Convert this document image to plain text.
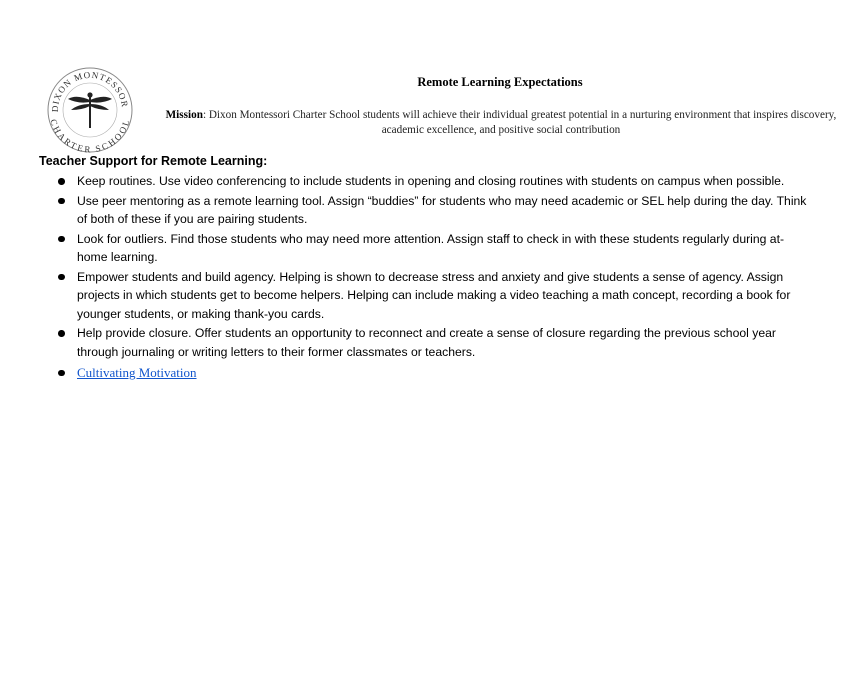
DIXON MONTESSOR
CHARTER SCHOOL
Remote Learning Expectations
Mission: Dixon Montessori Charter School students will achieve their individual greatest potential in a nurturing environment that inspires discovery, academic excellence, and positive social contribution
Teacher Support for Remote Learning:
Keep routines. Use video conferencing to include students in opening and closing routines with students on campus when possible.
Use peer mentoring as a remote learning tool. Assign “buddies” for students who may need academic or SEL help during the day. Think of both of these if you are pairing students.
Look for outliers. Find those students who may need more attention. Assign staff to check in with these students regularly during at-home learning.
Empower students and build agency. Helping is shown to decrease stress and anxiety and give students a sense of agency. Assign projects in which students get to become helpers. Helping can include making a video teaching a math concept, recording a book for younger students, or making thank-you cards.
Help provide closure. Offer students an opportunity to reconnect and create a sense of closure regarding the previous school year through journaling or writing letters to their former classmates or teachers.
Cultivating Motivation
